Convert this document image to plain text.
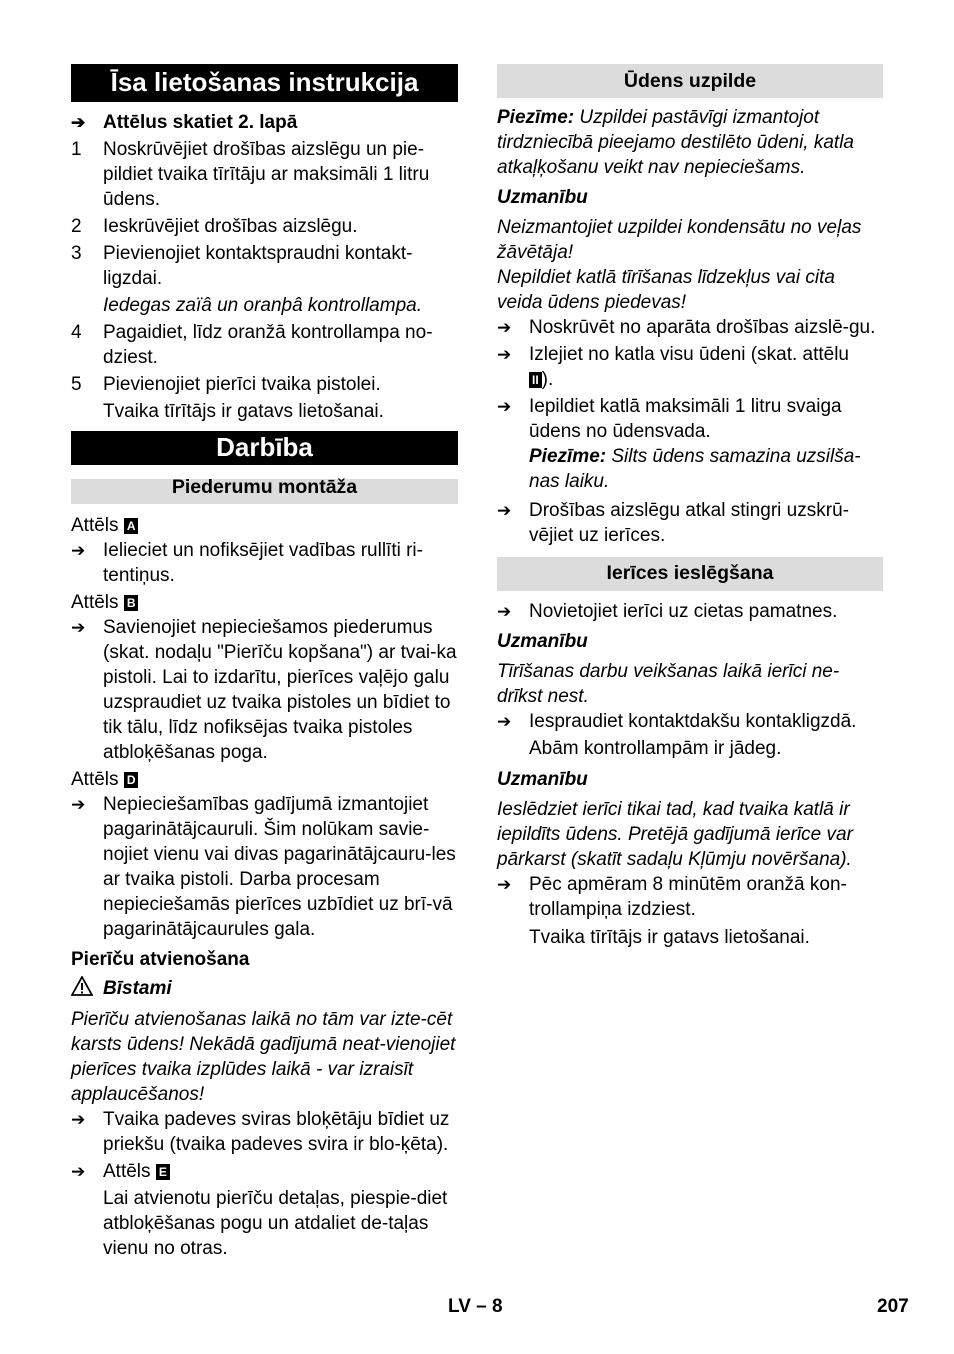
Īsa lietošanas instrukcija
➔ Attēlus skatiet 2. lapā
1	Noskrūvējiet drošības aizslēgu un pie-pildiet tvaika tīrītāju ar maksimāli 1 litru ūdens.
2	Ieskrūvējiet drošības aizslēgu.
3	Pievienojiet kontaktspraudni kontakt-ligzdai.
Iedegas zaïâ un oranþâ kontrollampa.
4	Pagaidiet, līdz oranžā kontrollampa no-dziest.
5	Pievienojiet pierīci tvaika pistolei.
Tvaika tīrītājs ir gatavs lietošanai.
Darbība
Piederumu montāža
Attēls A
➔ Ielieciet un nofiksējiet vadības rullīti ri-tentiņus.
Attēls B
➔ Savienojiet nepieciešamos piederumus (skat. nodaļu "Pierīču kopšana") ar tvai-ka pistoli. Lai to izdarītu, pierīces vaļējo galu uzspraudiet uz tvaika pistoles un bīdiet to tik tālu, līdz nofiksējas tvaika pistoles atbloķēšanas poga.
Attēls D
➔ Nepieciešamības gadījumā izmantojiet pagarinātājcauruli. Šim nolūkam savie-nojiet vienu vai divas pagarinātājcauru-les ar tvaika pistoli. Darba procesam nepieciešamās pierīces uzbīdiet uz brī-vā pagarinātājcaurules gala.
Pierīču atvienošana
Bīstami
Pierīču atvienošanas laikā no tām var izte-cēt karsts ūdens! Nekādā gadījumā neat-vienojiet pierīces tvaika izplūdes laikā - var izraisīt applaucēšanos!
➔ Tvaika padeves sviras bloķētāju bīdiet uz priekšu (tvaika padeves svira ir blo-ķēta).
➔ Attēls E
Lai atvienotu pierīču detaļas, piespie-diet atbloķēšanas pogu un atdaliet de-taļas vienu no otras.
Ūdens uzpilde
Piezīme: Uzpildei pastāvīgi izmantojot tirdzniecībā pieejamo destilēto ūdeni, katla atkaļķošanu veikt nav nepieciešams.
Uzmanību
Neizmantojiet uzpildei kondensātu no veļas žāvētāja!
Nepildiet katlā tīrīšanas līdzekļus vai cita veida ūdens piedevas!
➔ Noskrūvēt no aparāta drošības aizslē-gu.
➔ Izlejiet no katla visu ūdeni (skat. attēlu
II ).
➔ Iepildiet katlā maksimāli 1 litru svaiga ūdens no ūdensvada.
Piezīme: Silts ūdens samazina uzsilša-nas laiku.
➔ Drošības aizslēgu atkal stingri uzskrū-vējiet uz ierīces.
Ierīces ieslēgšana
➔ Novietojiet ierīci uz cietas pamatnes.
Uzmanību
Tīrīšanas darbu veikšanas laikā ierīci ne-drīkst nest.
➔ Iespraudiet kontaktdakšu kontakligzdā.
Abām kontrollampām ir jādeg.
Uzmanību
Ieslēdziet ierīci tikai tad, kad tvaika katlā ir iepildīts ūdens. Pretējā gadījumā ierīce var pārkarst (skatīt sadaļu Kļūmju novēršana).
➔ Pēc apmēram 8 minūtēm oranžā kon-trollampiņa izdziest.
Tvaika tīrītājs ir gatavs lietošanai.
LV – 8	207
